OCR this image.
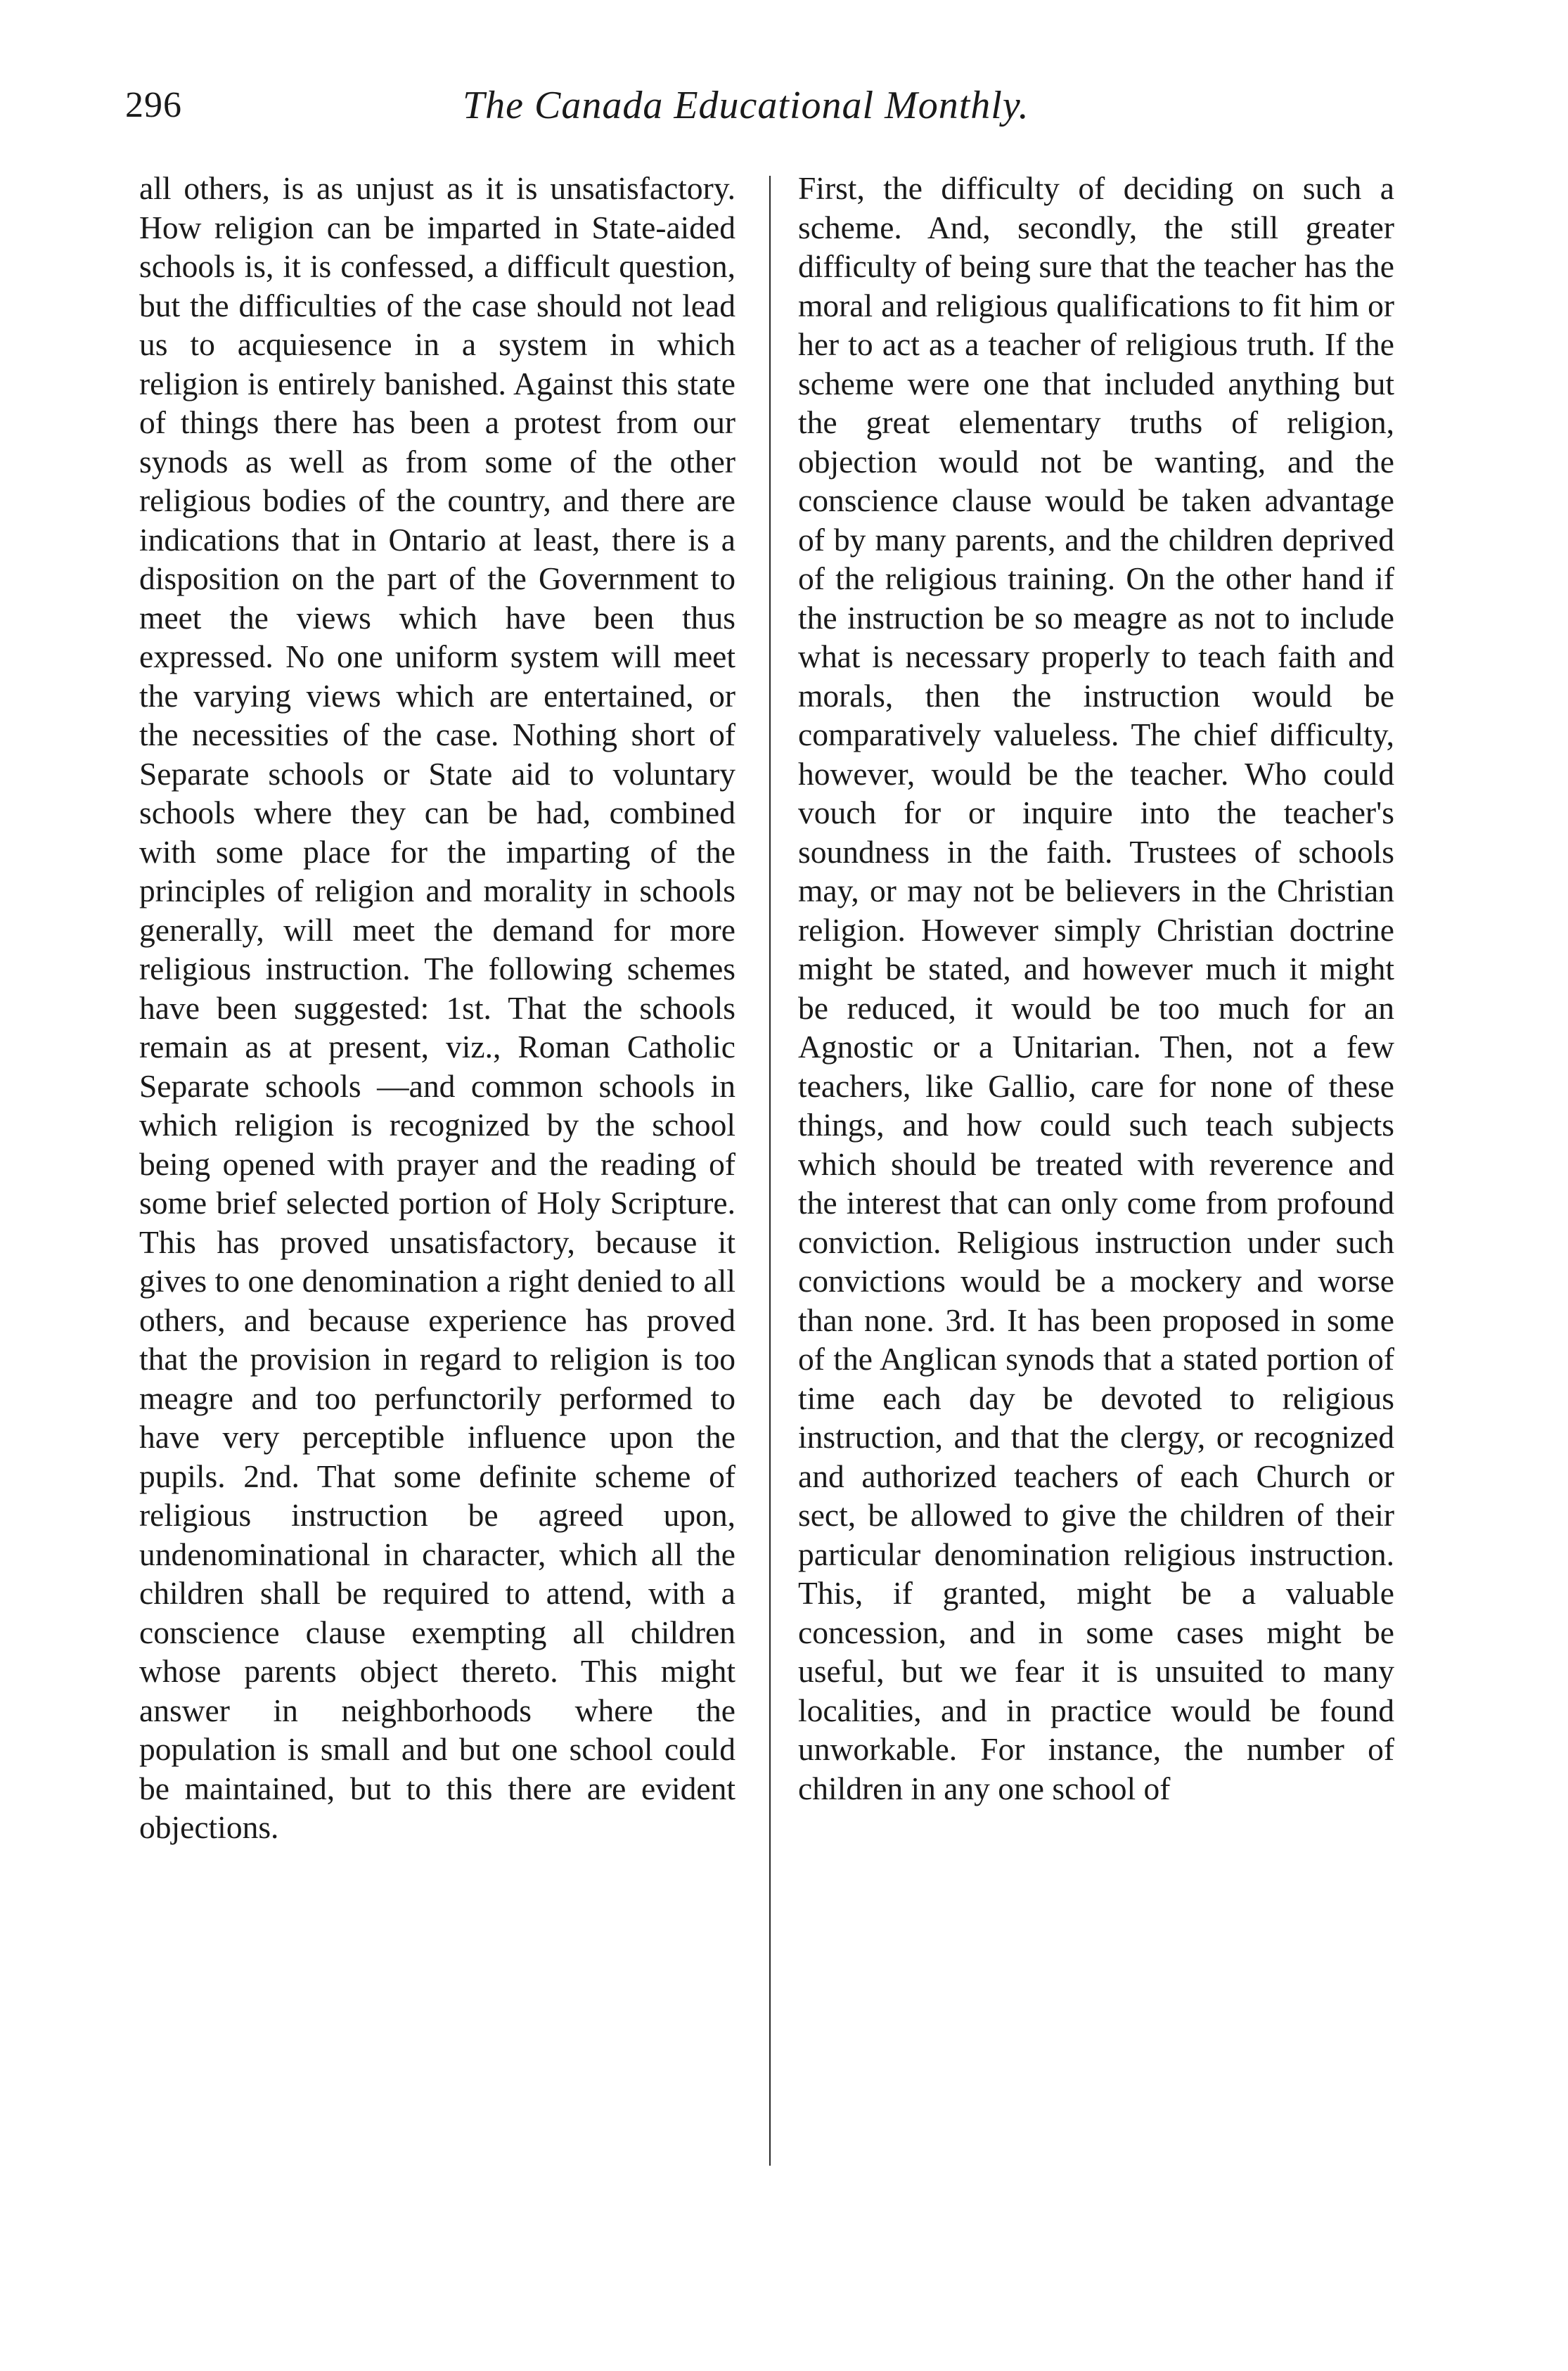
296	The Canada Educational Monthly.

all others, is as unjust as it is unsatisfactory. How religion can be imparted in State-aided schools is, it is confessed, a difficult question, but the difficulties of the case should not lead us to acquiesence in a system in which religion is entirely banished. Against this state of things there has been a protest from our synods as well as from some of the other religious bodies of the country, and there are indications that in Ontario at least, there is a disposition on the part of the Government to meet the views which have been thus expressed. No one uniform system will meet the varying views which are entertained, or the necessities of the case. Nothing short of Separate schools or State aid to voluntary schools where they can be had, combined with some place for the imparting of the principles of religion and morality in schools generally, will meet the demand for more religious instruction. The following schemes have been suggested: 1st. That the schools remain as at present, viz., Roman Catholic Separate schools —and common schools in which religion is recognized by the school being opened with prayer and the reading of some brief selected portion of Holy Scripture. This has proved unsatisfactory, because it gives to one denomination a right denied to all others, and because experience has proved that the provision in regard to religion is too meagre and too perfunctorily performed to have very perceptible influence upon the pupils. 2nd. That some definite scheme of religious instruction be agreed upon, undenominational in character, which all the children shall be required to attend, with a conscience clause exempting all children whose parents object thereto. This might answer in neighborhoods where the population is small and but one school could be maintained, but to this there are evident objections.

First, the difficulty of deciding on such a scheme. And, secondly, the still greater difficulty of being sure that the teacher has the moral and religious qualifications to fit him or her to act as a teacher of religious truth. If the scheme were one that included anything but the great elementary truths of religion, objection would not be wanting, and the conscience clause would be taken advantage of by many parents, and the children deprived of the religious training. On the other hand if the instruction be so meagre as not to include what is necessary properly to teach faith and morals, then the instruction would be comparatively valueless. The chief difficulty, however, would be the teacher. Who could vouch for or inquire into the teacher's soundness in the faith. Trustees of schools may, or may not be believers in the Christian religion. However simply Christian doctrine might be stated, and however much it might be reduced, it would be too much for an Agnostic or a Unitarian. Then, not a few teachers, like Gallio, care for none of these things, and how could such teach subjects which should be treated with reverence and the interest that can only come from profound conviction. Religious instruction under such convictions would be a mockery and worse than none. 3rd. It has been proposed in some of the Anglican synods that a stated portion of time each day be devoted to religious instruction, and that the clergy, or recognized and authorized teachers of each Church or sect, be allowed to give the children of their particular denomination religious instruction. This, if granted, might be a valuable concession, and in some cases might be useful, but we fear it is unsuited to many localities, and in practice would be found unworkable. For instance, the number of children in any one school of
